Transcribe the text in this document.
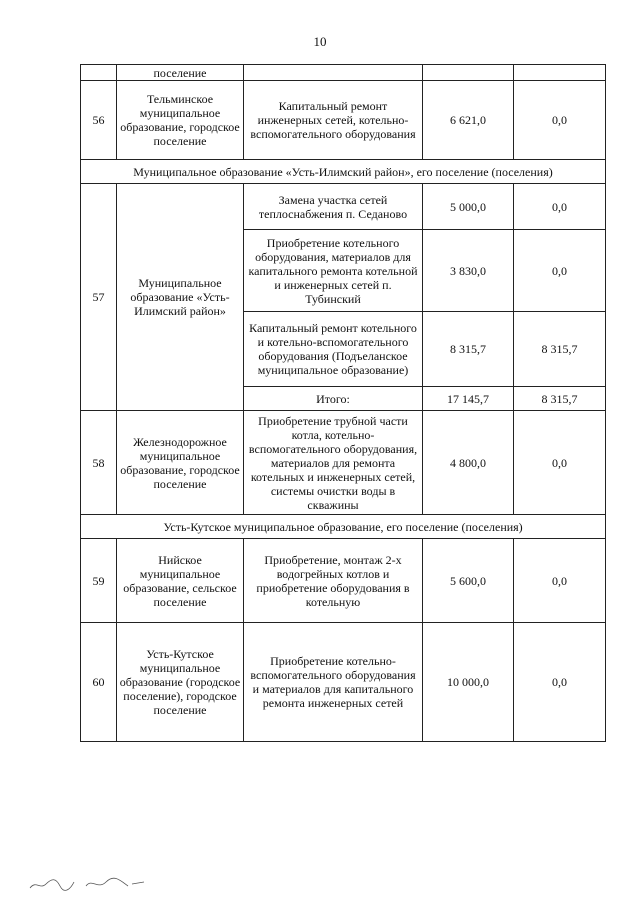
10
	поселение			
56	Тельминское муниципальное образование, городское поселение	Капитальный ремонт инженерных сетей, котельно-вспомогательного оборудования	6 621,0	0,0
Муниципальное образование «Усть-Илимский район», его поселение (поселения)				
57	Муниципальное образование «Усть-Илимский район»	Замена участка сетей теплоснабжения п. Седаново	5 000,0	0,0
		Приобретение котельного оборудования, материалов для капитального ремонта котельной и инженерных сетей п. Тубинский	3 830,0	0,0
		Капитальный ремонт котельного и котельно-вспомогательного оборудования (Подъеланское муниципальное образование)	8 315,7	8 315,7
		Итого:	17 145,7	8 315,7
58	Железнодорожное муниципальное образование, городское поселение	Приобретение трубной части котла, котельно-вспомогательного оборудования, материалов для ремонта котельных и инженерных сетей, системы очистки воды в скважины	4 800,0	0,0
Усть-Кутское муниципальное образование, его поселение (поселения)				
59	Нийское муниципальное образование, сельское поселение	Приобретение, монтаж 2-х водогрейных котлов и приобретение оборудования в котельную	5 600,0	0,0
60	Усть-Кутское муниципальное образование (городское поселение), городское поселение	Приобретение котельно-вспомогательного оборудования и материалов для капитального ремонта инженерных сетей	10 000,0	0,0
